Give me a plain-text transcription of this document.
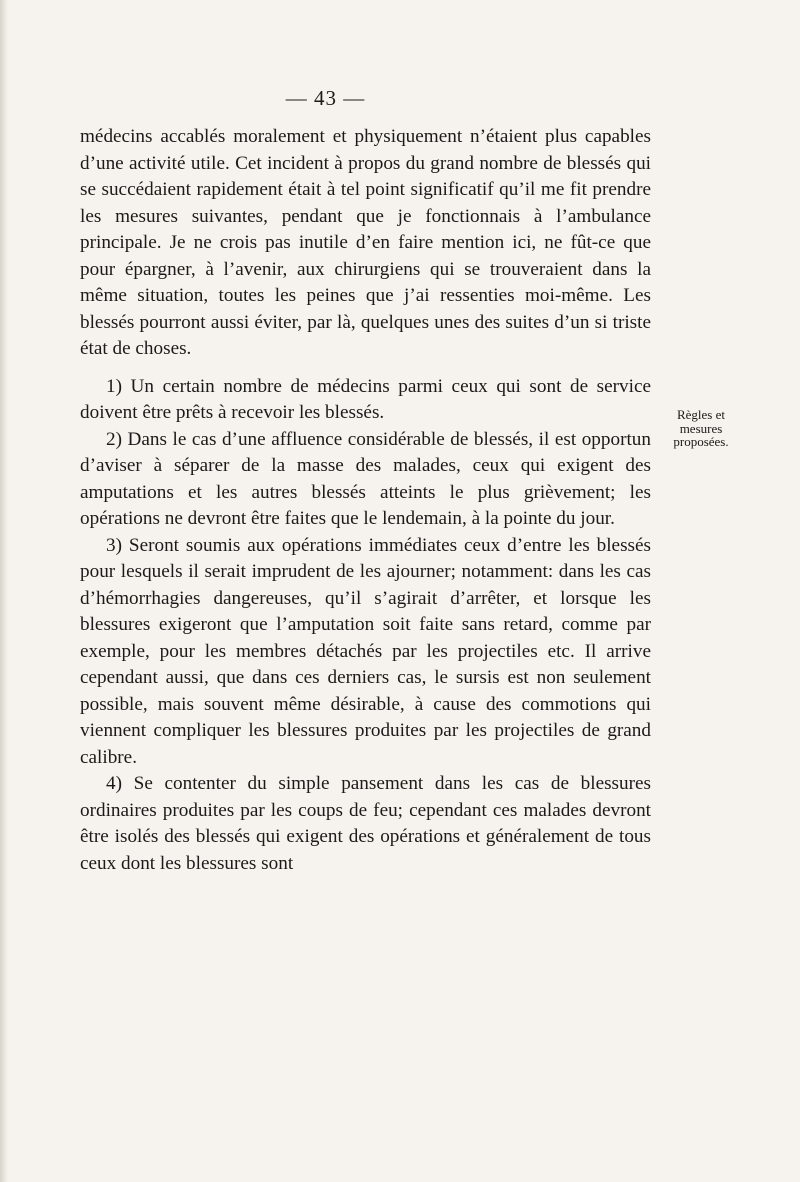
— 43 —

médecins accablés moralement et physiquement n’étaient plus capables d’une activité utile. Cet incident à propos du grand nombre de blessés qui se succédaient rapidement était à tel point significatif qu’il me fit prendre les mesures suivantes, pendant que je fonctionnais à l’ambulance principale. Je ne crois pas inutile d’en faire mention ici, ne fût-ce que pour épargner, à l’avenir, aux chirurgiens qui se trouveraient dans la même situation, toutes les peines que j’ai ressenties moi-même. Les blessés pourront aussi éviter, par là, quelques unes des suites d’un si triste état de choses.

1) Un certain nombre de médecins parmi ceux qui sont de service doivent être prêts à recevoir les blessés.

2) Dans le cas d’une affluence considérable de blessés, il est opportun d’aviser à séparer de la masse des malades, ceux qui exigent des amputations et les autres blessés atteints le plus grièvement; les opérations ne devront être faites que le lendemain, à la pointe du jour.

3) Seront soumis aux opérations immédiates ceux d’entre les blessés pour lesquels il serait imprudent de les ajourner; notamment: dans les cas d’hémorrhagies dangereuses, qu’il s’agirait d’arrêter, et lorsque les blessures exigeront que l’amputation soit faite sans retard, comme par exemple, pour les membres détachés par les projectiles etc. Il arrive cependant aussi, que dans ces derniers cas, le sursis est non seulement possible, mais souvent même désirable, à cause des commotions qui viennent compliquer les blessures produites par les projectiles de grand calibre.

4) Se contenter du simple pansement dans les cas de blessures ordinaires produites par les coups de feu; cependant ces malades devront être isolés des blessés qui exigent des opérations et généralement de tous ceux dont les blessures sont

Règles et
mesures
proposées.
